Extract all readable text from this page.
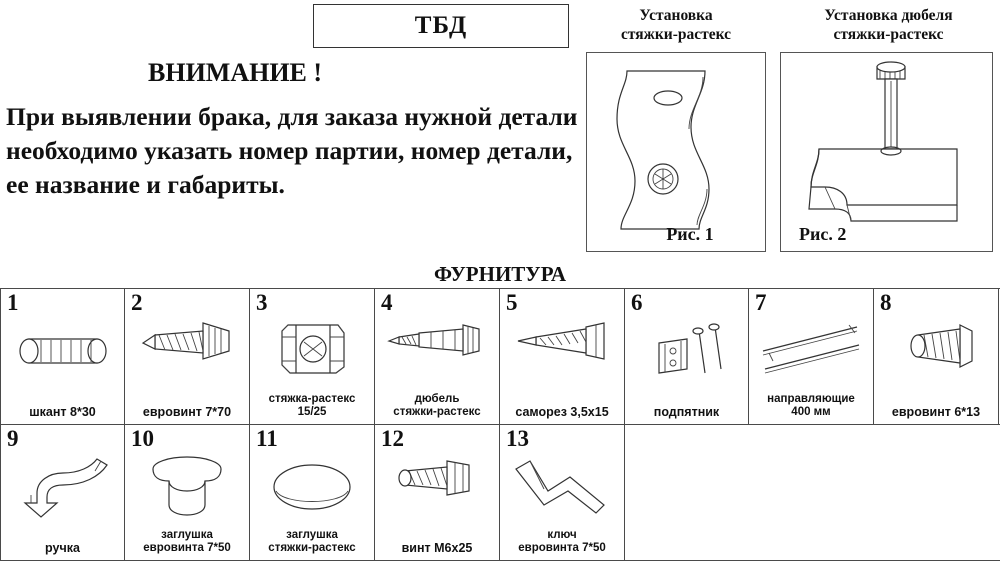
ТБД
ВНИМАНИЕ !
При выявлении брака, для заказа нужной детали необходимо указать номер партии, номер детали, ее название и габариты.
Установка
стяжки-растекс
Установка дюбеля
стяжки-растекс
Рис. 1	Рис. 2
ФУРНИТУРА
1
шкант 8*30
2
евровинт 7*70
3
стяжка-растекс
15/25
4
дюбель
стяжки-растекс
5
саморез 3,5х15
6
подпятник
7
направляющие
400 мм
8
евровинт 6*13
9
ручка
10
заглушка
еврoвинта 7*50
11
заглушка
стяжки-растекс
12
винт М6х25
13
ключ
еврoвинта 7*50
